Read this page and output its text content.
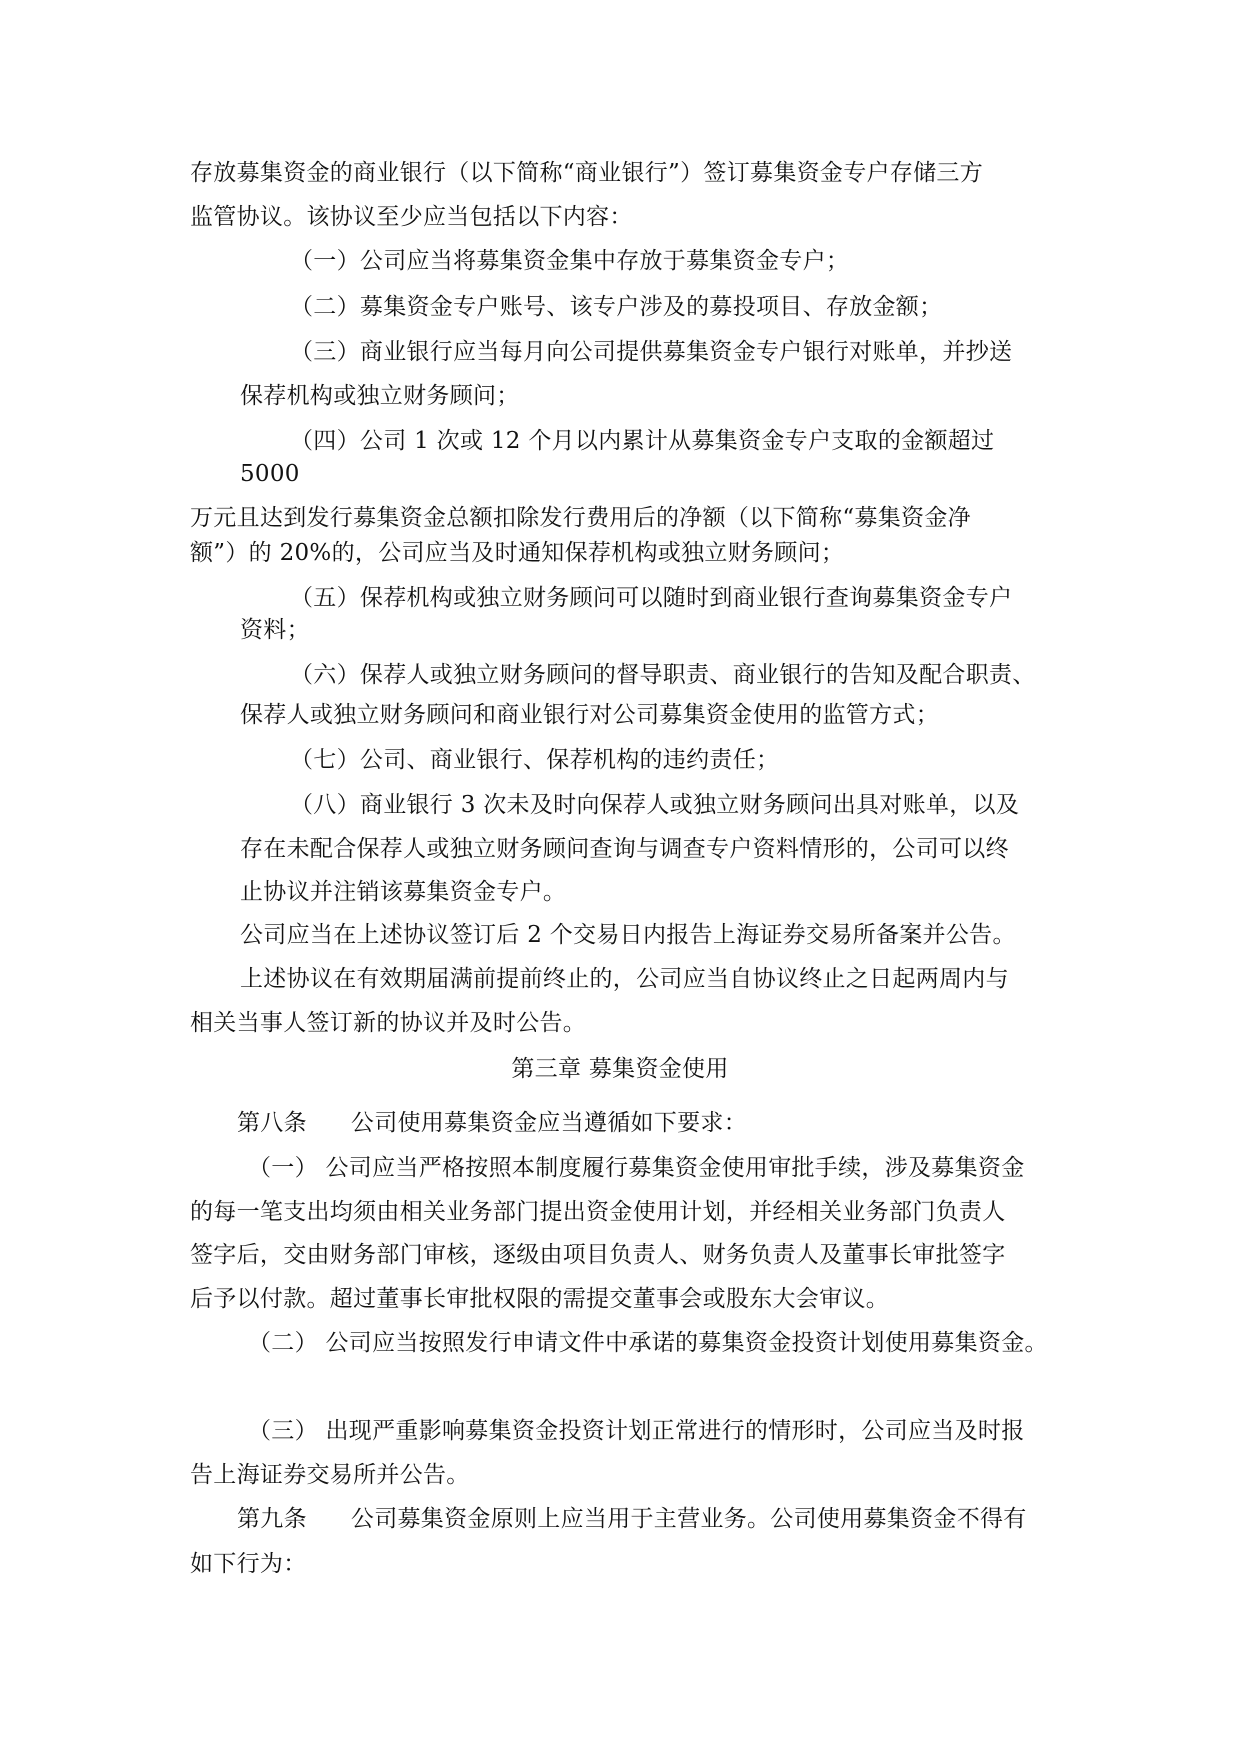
存放募集资金的商业银行（以下简称“商业银行”）签订募集资金专户存储三方
监管协议。该协议至少应当包括以下内容：
（一）公司应当将募集资金集中存放于募集资金专户；
（二）募集资金专户账号、该专户涉及的募投项目、存放金额；
（三）商业银行应当每月向公司提供募集资金专户银行对账单，并抄送
保荐机构或独立财务顾问；
（四）公司 1 次或 12 个月以内累计从募集资金专户支取的金额超过
5000
万元且达到发行募集资金总额扣除发行费用后的净额（以下简称“募集资金净
额”）的 20%的，公司应当及时通知保荐机构或独立财务顾问；
（五）保荐机构或独立财务顾问可以随时到商业银行查询募集资金专户
资料；
（六）保荐人或独立财务顾问的督导职责、商业银行的告知及配合职责、
保荐人或独立财务顾问和商业银行对公司募集资金使用的监管方式；
（七）公司、商业银行、保荐机构的违约责任；
（八）商业银行 3 次未及时向保荐人或独立财务顾问出具对账单，以及
存在未配合保荐人或独立财务顾问查询与调查专户资料情形的，公司可以终
止协议并注销该募集资金专户。
公司应当在上述协议签订后 2 个交易日内报告上海证券交易所备案并公告。
上述协议在有效期届满前提前终止的，公司应当自协议终止之日起两周内与
相关当事人签订新的协议并及时公告。
第三章 募集资金使用
第八条 公司使用募集资金应当遵循如下要求：
（一） 公司应当严格按照本制度履行募集资金使用审批手续，涉及募集资金
的每一笔支出均须由相关业务部门提出资金使用计划，并经相关业务部门负责人
签字后，交由财务部门审核，逐级由项目负责人、财务负责人及董事长审批签字
后予以付款。超过董事长审批权限的需提交董事会或股东大会审议。
（二） 公司应当按照发行申请文件中承诺的募集资金投资计划使用募集资金。
（三） 出现严重影响募集资金投资计划正常进行的情形时，公司应当及时报
告上海证券交易所并公告。
第九条 公司募集资金原则上应当用于主营业务。公司使用募集资金不得有
如下行为：
